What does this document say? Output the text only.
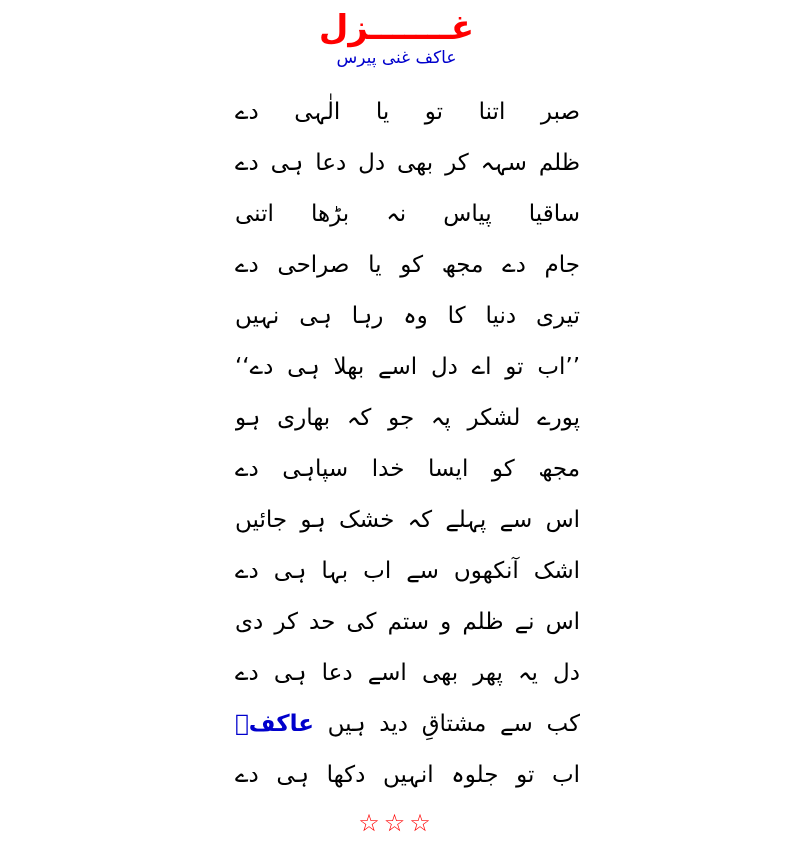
غـــــــزل
عاکف غنی پیرس
صبر اتنا تو یا الٰہی دے
ظلم سہہ کر بھی دل دعا ہی دے
ساقیا پیاس نہ بڑھا اتنی
جام دے مجھ کو یا صراحی دے
تیری دنیا کا وہ رہا ہی نہیں
’’اب تو اے دل اسے بھلا ہی دے‘‘
پورے لشکر پہ جو کہ بھاری ہو
مجھ کو ایسا خدا سپاہی دے
اس سے پہلے کہ خشک ہو جائیں
اشک آنکھوں سے اب بہا ہی دے
اس نے ظلم و ستم کی حد کر دی
دل یہ پھر بھی اسے دعا ہی دے
کب سے مشتاقِ دید ہیں عاکفؔ
اب تو جلوہ انہیں دکھا ہی دے
☆☆☆
